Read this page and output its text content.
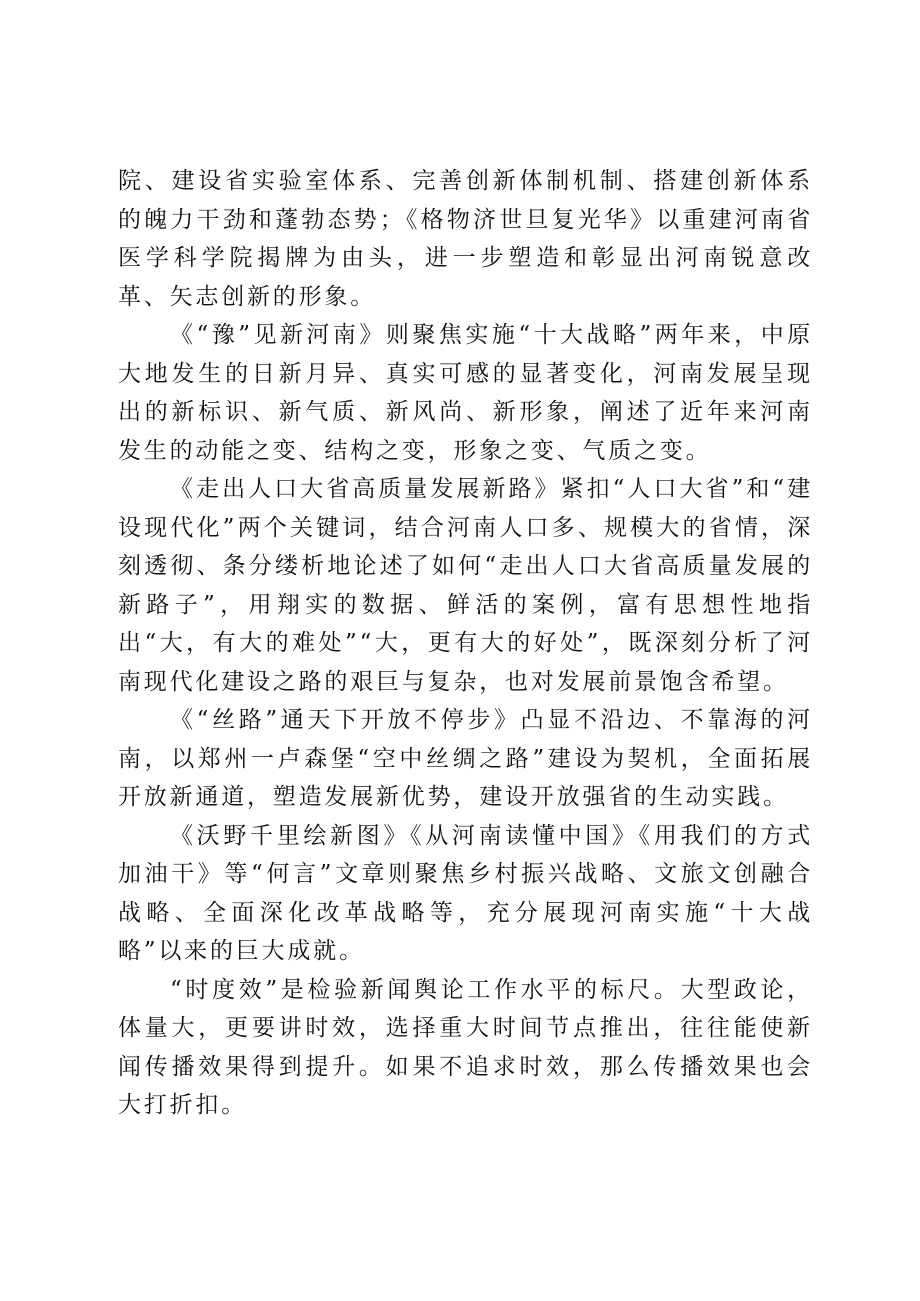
院、建设省实验室体系、完善创新体制机制、搭建创新体系的魄力干劲和蓬勃态势；《格物济世旦复光华》以重建河南省医学科学院揭牌为由头，进一步塑造和彰显出河南锐意改革、矢志创新的形象。

《“豫”见新河南》则聚焦实施“十大战略”两年来，中原大地发生的日新月异、真实可感的显著变化，河南发展呈现出的新标识、新气质、新风尚、新形象，阐述了近年来河南发生的动能之变、结构之变，形象之变、气质之变。

《走出人口大省高质量发展新路》紧扣“人口大省”和“建设现代化”两个关键词，结合河南人口多、规模大的省情，深刻透彻、条分缕析地论述了如何“走出人口大省高质量发展的新路子”，用翔实的数据、鲜活的案例，富有思想性地指出“大，有大的难处”“大，更有大的好处”，既深刻分析了河南现代化建设之路的艰巨与复杂，也对发展前景饱含希望。

《“丝路”通天下开放不停步》凸显不沿边、不靠海的河南，以郑州一卢森堡“空中丝绸之路”建设为契机，全面拓展开放新通道，塑造发展新优势，建设开放强省的生动实践。

《沃野千里绘新图》《从河南读懂中国》《用我们的方式加油干》等“何言”文章则聚焦乡村振兴战略、文旅文创融合战略、全面深化改革战略等，充分展现河南实施“十大战略”以来的巨大成就。

“时度效”是检验新闻舆论工作水平的标尺。大型政论，体量大，更要讲时效，选择重大时间节点推出，往往能使新闻传播效果得到提升。如果不追求时效，那么传播效果也会大打折扣。
